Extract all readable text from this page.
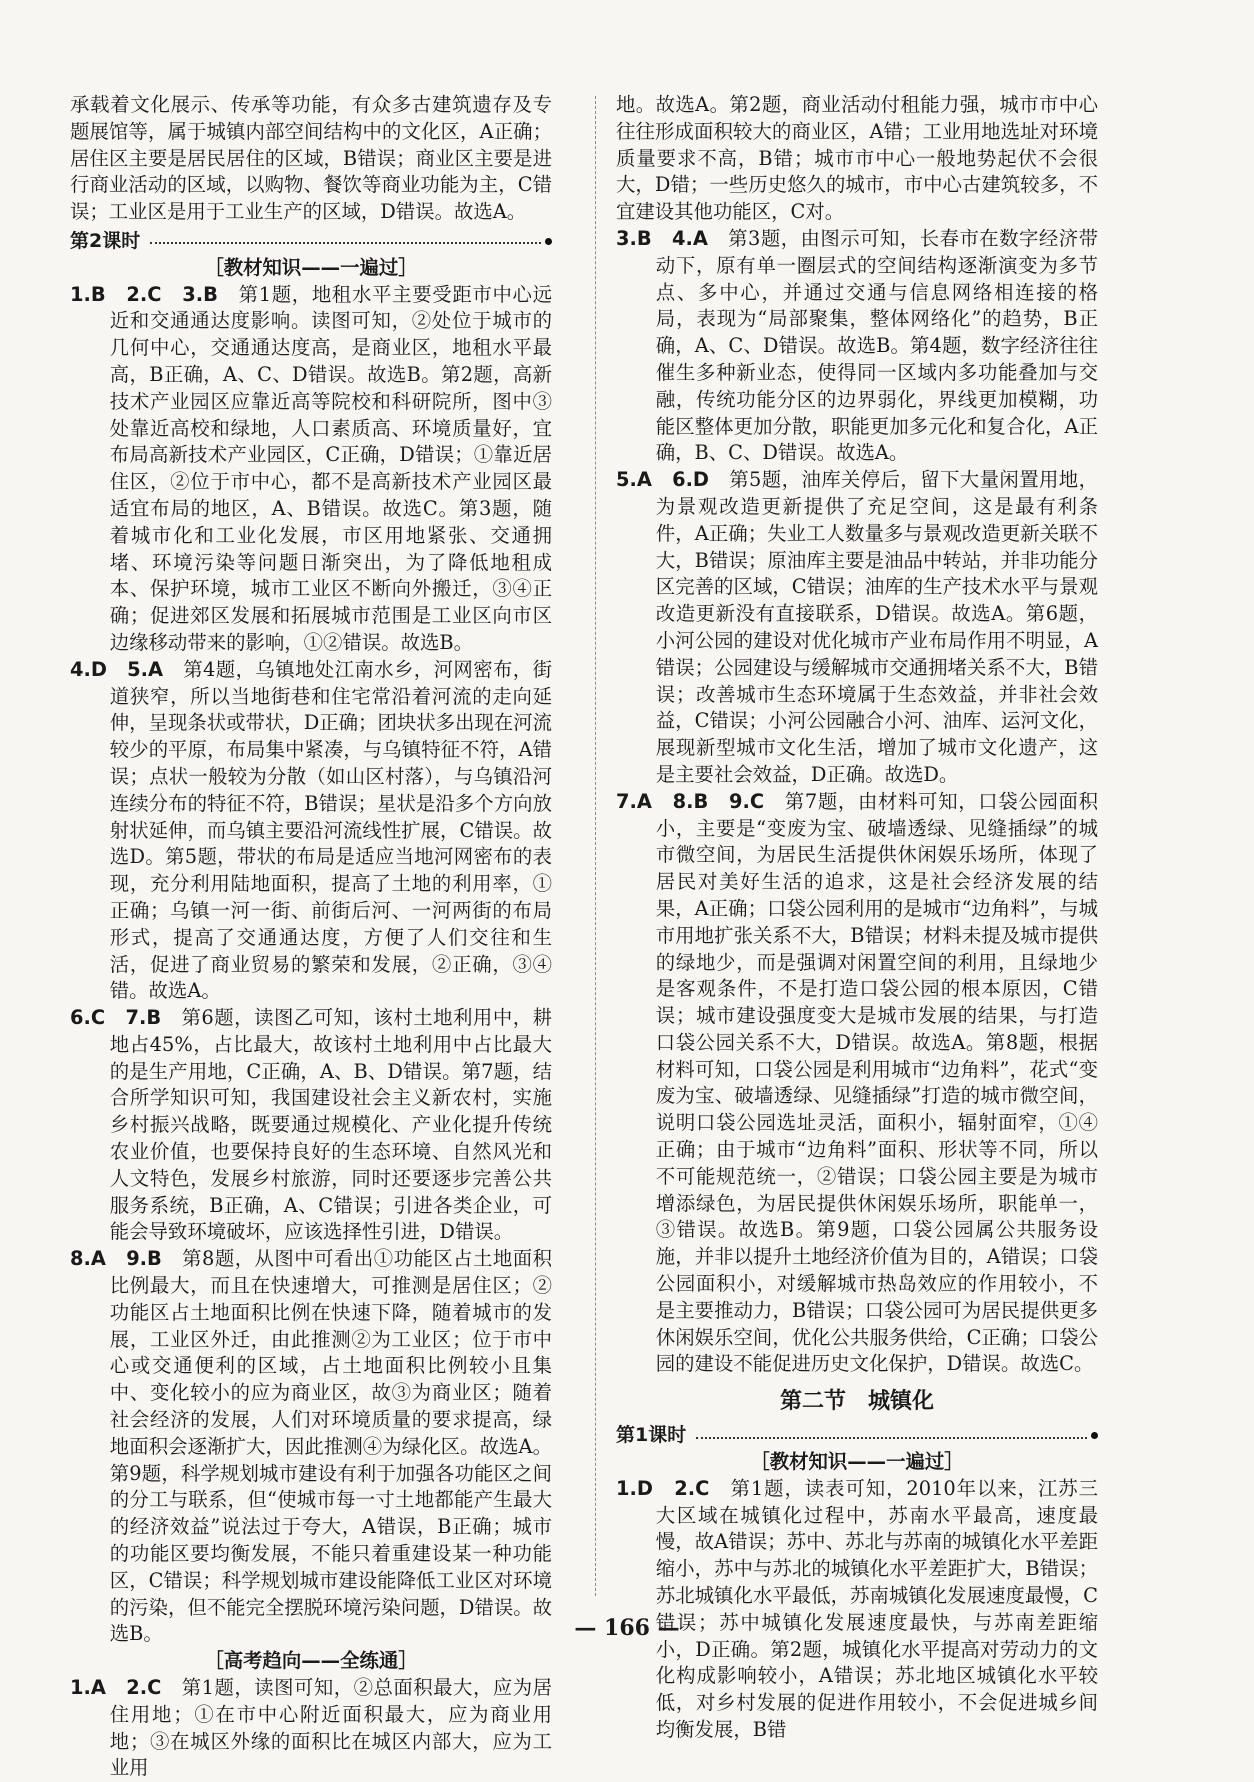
承载着文化展示、传承等功能，有众多古建筑遗存及专题展馆等，属于城镇内部空间结构中的文化区，A正确；居住区主要是居民居住的区域，B错误；商业区主要是进行商业活动的区域，以购物、餐饮等商业功能为主，C错误；工业区是用于工业生产的区域，D错误。故选A。

第2课时
［教材知识——一遍过］

1.B　2.C　3.B　第1题，地租水平主要受距市中心远近和交通通达度影响。读图可知，②处位于城市的几何中心，交通通达度高，是商业区，地租水平最高，B正确，A、C、D错误。故选B。第2题，高新技术产业园区应靠近高等院校和科研院所，图中③处靠近高校和绿地，人口素质高、环境质量好，宜布局高新技术产业园区，C正确，D错误；①靠近居住区，②位于市中心，都不是高新技术产业园区最适宜布局的地区，A、B错误。故选C。第3题，随着城市化和工业化发展，市区用地紧张、交通拥堵、环境污染等问题日渐突出，为了降低地租成本、保护环境，城市工业区不断向外搬迁，③④正确；促进郊区发展和拓展城市范围是工业区向市区边缘移动带来的影响，①②错误。故选B。

4.D　5.A　第4题，乌镇地处江南水乡，河网密布，街道狭窄，所以当地街巷和住宅常沿着河流的走向延伸，呈现条状或带状，D正确；团块状多出现在河流较少的平原，布局集中紧凑，与乌镇特征不符，A错误；点状一般较为分散（如山区村落），与乌镇沿河连续分布的特征不符，B错误；星状是沿多个方向放射状延伸，而乌镇主要沿河流线性扩展，C错误。故选D。第5题，带状的布局是适应当地河网密布的表现，充分利用陆地面积，提高了土地的利用率，①正确；乌镇一河一街、前街后河、一河两街的布局形式，提高了交通通达度，方便了人们交往和生活，促进了商业贸易的繁荣和发展，②正确，③④错。故选A。

6.C　7.B　第6题，读图乙可知，该村土地利用中，耕地占45%，占比最大，故该村土地利用中占比最大的是生产用地，C正确，A、B、D错误。第7题，结合所学知识可知，我国建设社会主义新农村，实施乡村振兴战略，既要通过规模化、产业化提升传统农业价值，也要保持良好的生态环境、自然风光和人文特色，发展乡村旅游，同时还要逐步完善公共服务系统，B正确，A、C错误；引进各类企业，可能会导致环境破坏，应该选择性引进，D错误。

8.A　9.B　第8题，从图中可看出①功能区占土地面积比例最大，而且在快速增大，可推测是居住区；②功能区占土地面积比例在快速下降，随着城市的发展，工业区外迁，由此推测②为工业区；位于市中心或交通便利的区域，占土地面积比例较小且集中、变化较小的应为商业区，故③为商业区；随着社会经济的发展，人们对环境质量的要求提高，绿地面积会逐渐扩大，因此推测④为绿化区。故选A。第9题，科学规划城市建设有利于加强各功能区之间的分工与联系，但“使城市每一寸土地都能产生最大的经济效益”说法过于夸大，A错误，B正确；城市的功能区要均衡发展，不能只着重建设某一种功能区，C错误；科学规划城市建设能降低工业区对环境的污染，但不能完全摆脱环境污染问题，D错误。故选B。

［高考趋向——全练通］

1.A　2.C　第1题，读图可知，②总面积最大，应为居住用地；①在市中心附近面积最大，应为商业用地；③在城区外缘的面积比在城区内部大，应为工业用

地。故选A。第2题，商业活动付租能力强，城市市中心往往形成面积较大的商业区，A错；工业用地选址对环境质量要求不高，B错；城市市中心一般地势起伏不会很大，D错；一些历史悠久的城市，市中心古建筑较多，不宜建设其他功能区，C对。

3.B　4.A　第3题，由图示可知，长春市在数字经济带动下，原有单一圈层式的空间结构逐渐演变为多节点、多中心，并通过交通与信息网络相连接的格局，表现为“局部聚集，整体网络化”的趋势，B正确，A、C、D错误。故选B。第4题，数字经济往往催生多种新业态，使得同一区域内多功能叠加与交融，传统功能分区的边界弱化，界线更加模糊，功能区整体更加分散，职能更加多元化和复合化，A正确，B、C、D错误。故选A。

5.A　6.D　第5题，油库关停后，留下大量闲置用地，为景观改造更新提供了充足空间，这是最有利条件，A正确；失业工人数量多与景观改造更新关联不大，B错误；原油库主要是油品中转站，并非功能分区完善的区域，C错误；油库的生产技术水平与景观改造更新没有直接联系，D错误。故选A。第6题，小河公园的建设对优化城市产业布局作用不明显，A错误；公园建设与缓解城市交通拥堵关系不大，B错误；改善城市生态环境属于生态效益，并非社会效益，C错误；小河公园融合小河、油库、运河文化，展现新型城市文化生活，增加了城市文化遗产，这是主要社会效益，D正确。故选D。

7.A　8.B　9.C　第7题，由材料可知，口袋公园面积小，主要是“变废为宝、破墙透绿、见缝插绿”的城市微空间，为居民生活提供休闲娱乐场所，体现了居民对美好生活的追求，这是社会经济发展的结果，A正确；口袋公园利用的是城市“边角料”，与城市用地扩张关系不大，B错误；材料未提及城市提供的绿地少，而是强调对闲置空间的利用，且绿地少是客观条件，不是打造口袋公园的根本原因，C错误；城市建设强度变大是城市发展的结果，与打造口袋公园关系不大，D错误。故选A。第8题，根据材料可知，口袋公园是利用城市“边角料”，花式“变废为宝、破墙透绿、见缝插绿”打造的城市微空间，说明口袋公园选址灵活，面积小，辐射面窄，①④正确；由于城市“边角料”面积、形状等不同，所以不可能规范统一，②错误；口袋公园主要是为城市增添绿色，为居民提供休闲娱乐场所，职能单一，③错误。故选B。第9题，口袋公园属公共服务设施，并非以提升土地经济价值为目的，A错误；口袋公园面积小，对缓解城市热岛效应的作用较小，不是主要推动力，B错误；口袋公园可为居民提供更多休闲娱乐空间，优化公共服务供给，C正确；口袋公园的建设不能促进历史文化保护，D错误。故选C。

第二节　城镇化
第1课时
［教材知识——一遍过］

1.D　2.C　第1题，读表可知，2010年以来，江苏三大区域在城镇化过程中，苏南水平最高，速度最慢，故A错误；苏中、苏北与苏南的城镇化水平差距缩小，苏中与苏北的城镇化水平差距扩大，B错误；苏北城镇化水平最低，苏南城镇化发展速度最慢，C错误；苏中城镇化发展速度最快，与苏南差距缩小，D正确。第2题，城镇化水平提高对劳动力的文化构成影响较小，A错误；苏北地区城镇化水平较低，对乡村发展的促进作用较小，不会促进城乡间均衡发展，B错

— 166 —
